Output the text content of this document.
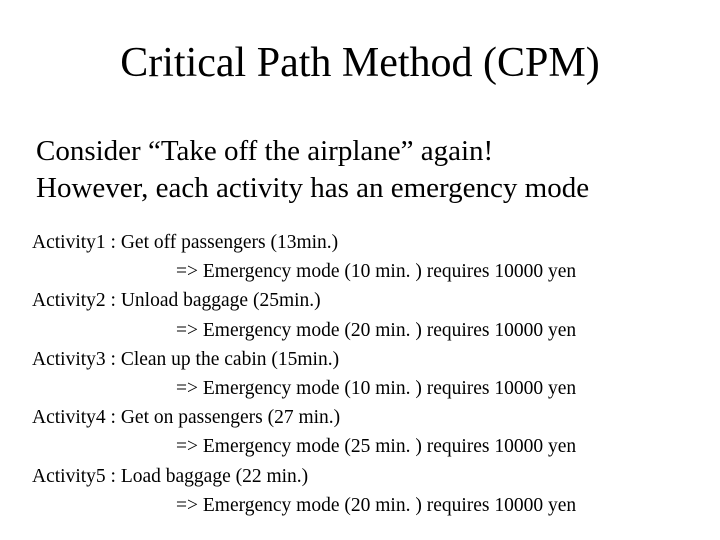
Critical Path Method (CPM)
Consider “Take off the airplane” again!
However, each activity has an emergency mode
Activity1 : Get off passengers (13min.)
=> Emergency mode (10 min. ) requires 10000 yen
Activity2 : Unload baggage (25min.)
=> Emergency mode (20 min. ) requires 10000 yen
Activity3 : Clean up the cabin (15min.)
=> Emergency mode (10 min. ) requires 10000 yen
Activity4 : Get on passengers (27 min.)
=> Emergency mode (25 min. ) requires 10000 yen
Activity5 : Load baggage (22 min.)
=> Emergency mode (20 min. ) requires 10000 yen
